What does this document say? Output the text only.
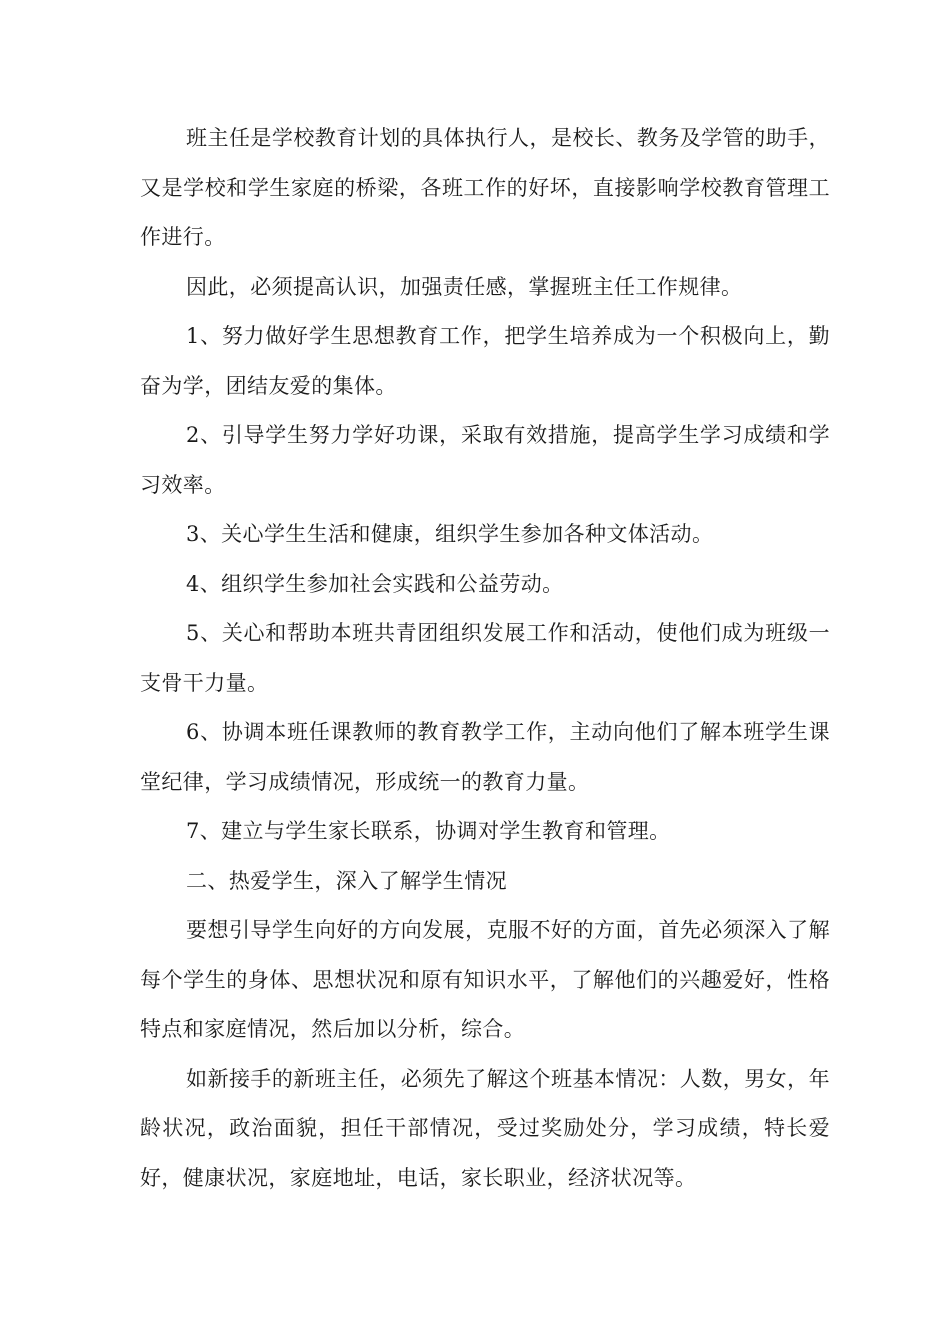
班主任是学校教育计划的具体执行人，是校长、教务及学管的助手，又是学校和学生家庭的桥梁，各班工作的好坏，直接影响学校教育管理工作进行。

因此，必须提高认识，加强责任感，掌握班主任工作规律。

1、努力做好学生思想教育工作，把学生培养成为一个积极向上，勤奋为学，团结友爱的集体。

2、引导学生努力学好功课，采取有效措施，提高学生学习成绩和学习效率。

3、关心学生生活和健康，组织学生参加各种文体活动。

4、组织学生参加社会实践和公益劳动。

5、关心和帮助本班共青团组织发展工作和活动，使他们成为班级一支骨干力量。

6、协调本班任课教师的教育教学工作，主动向他们了解本班学生课堂纪律，学习成绩情况，形成统一的教育力量。

7、建立与学生家长联系，协调对学生教育和管理。

二、热爱学生，深入了解学生情况

要想引导学生向好的方向发展，克服不好的方面，首先必须深入了解每个学生的身体、思想状况和原有知识水平，了解他们的兴趣爱好，性格特点和家庭情况，然后加以分析，综合。

如新接手的新班主任，必须先了解这个班基本情况：人数，男女，年龄状况，政治面貌，担任干部情况，受过奖励处分，学习成绩，特长爱好，健康状况，家庭地址，电话，家长职业，经济状况等。
